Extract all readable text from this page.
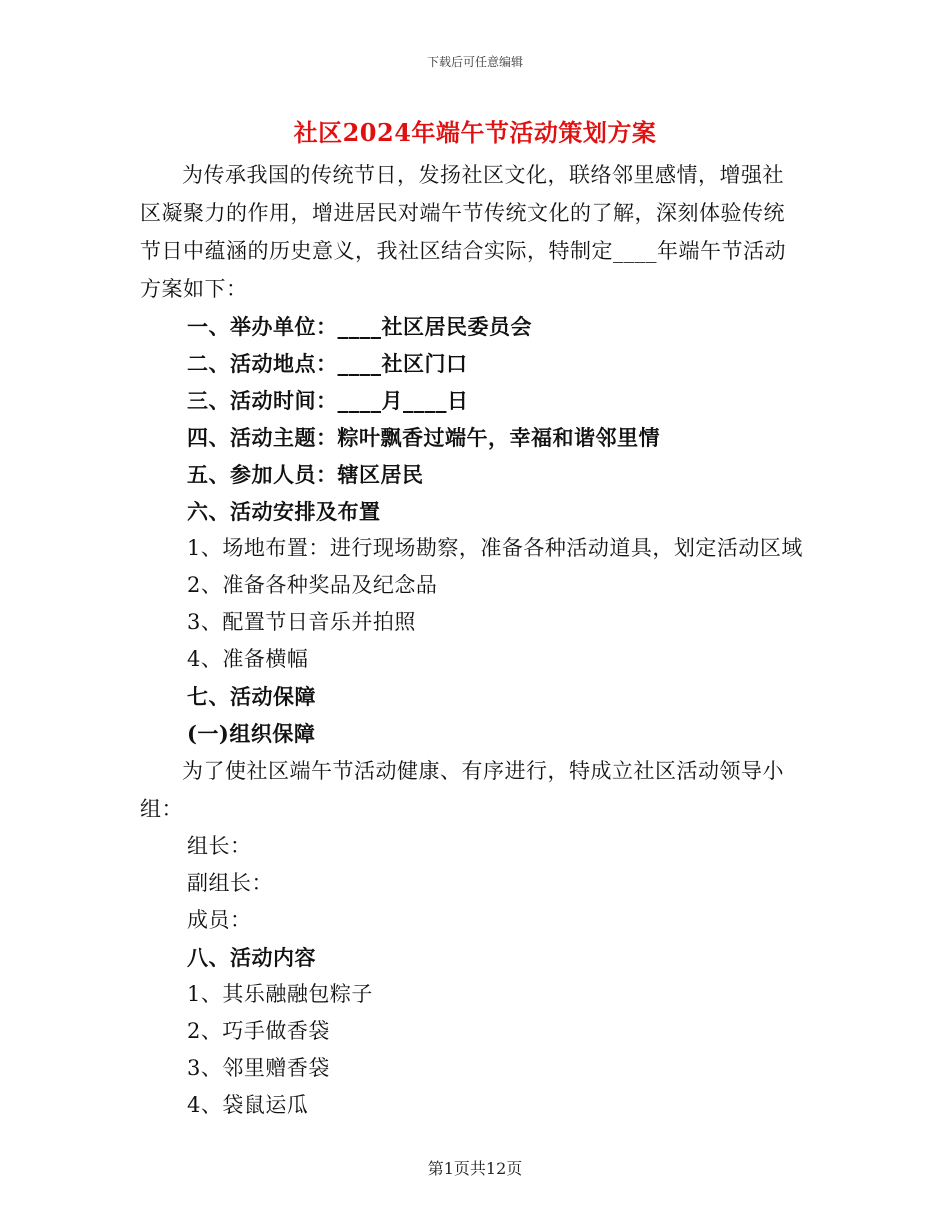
下载后可任意编辑
社区2024年端午节活动策划方案

为传承我国的传统节日，发扬社区文化，联络邻里感情，增强社区凝聚力的作用，增进居民对端午节传统文化的了解，深刻体验传统节日中蕴涵的历史意义，我社区结合实际，特制定____年端午节活动方案如下：

一、举办单位：____社区居民委员会

二、活动地点：____社区门口

三、活动时间：____月____日

四、活动主题：粽叶飘香过端午，幸福和谐邻里情

五、参加人员：辖区居民

六、活动安排及布置

1、场地布置：进行现场勘察，准备各种活动道具，划定活动区域

2、准备各种奖品及纪念品

3、配置节日音乐并拍照

4、准备横幅

七、活动保障

(一)组织保障

为了使社区端午节活动健康、有序进行，特成立社区活动领导小组：

组长：

副组长：

成员：

八、活动内容

1、其乐融融包粽子

2、巧手做香袋

3、邻里赠香袋

4、袋鼠运瓜

第1页共12页
